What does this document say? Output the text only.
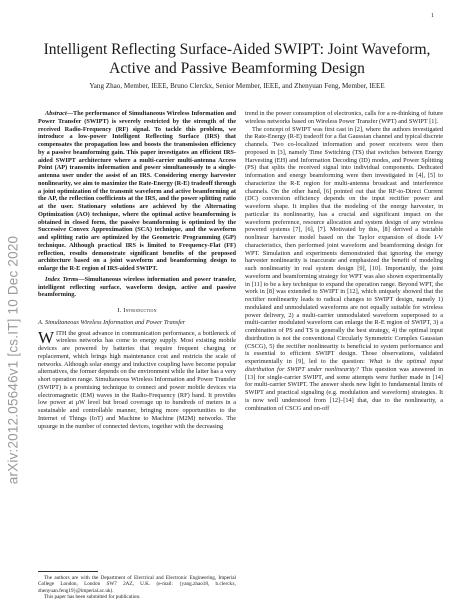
1
arXiv:2012.05646v1 [cs.IT] 10 Dec 2020
Intelligent Reflecting Surface-Aided SWIPT: Joint Waveform, Active and Passive Beamforming Design
Yang Zhao, Member, IEEE, Bruno Clerckx, Senior Member, IEEE, and Zhenyuan Feng, Member, IEEE

Abstract—The performance of Simultaneous Wireless Information and Power Transfer (SWIPT) is severely restricted by the strength of the received Radio-Frequency (RF) signal. To tackle this problem, we introduce a low-power Intelligent Reflecting Surface (IRS) that compensates the propagation loss and boosts the transmission efficiency by a passive beamforming gain. This paper investigates an efficient IRS-aided SWIPT architecture where a multi-carrier multi-antenna Access Point (AP) transmits information and power simultaneously to a single-antenna user under the assist of an IRS. Considering energy harvester nonlinearity, we aim to maximize the Rate-Energy (R-E) tradeoff through a joint optimization of the transmit waveform and active beamforming at the AP, the reflection coefficients at the IRS, and the power splitting ratio at the user. Stationary solutions are achieved by the Alternating Optimization (AO) technique, where the optimal active beamforming is obtained in closed form, the passive beamforming is optimized by the Successive Convex Approximation (SCA) technique, and the waveform and splitting ratio are optimized by the Geometric Programming (GP) technique. Although practical IRS is limited to Frequency-Flat (FF) reflection, results demonstrate significant benefits of the proposed architecture based on a joint waveform and beamforming design to enlarge the R-E region of IRS-aided SWIPT.

Index Terms—Simultaneous wireless information and power transfer, intelligent reflecting surface, waveform design, active and passive beamforming.

I. Introduction
A. Simultaneous Wireless Information and Power Transfer

WITH the great advance in communication performance, a bottleneck of wireless networks has come to energy supply. Most existing mobile devices are powered by batteries that require frequent charging or replacement, which brings high maintenance cost and restricts the scale of networks. Although solar energy and inductive coupling have become popular alternatives, the former depends on the environment while the latter has a very short operation range. Simultaneous Wireless Information and Power Transfer (SWIPT) is a promising technique to connect and power mobile devices via electromagnetic (EM) waves in the Radio-Frequency (RF) band. It provides low power at μW level but broad coverage up to hundreds of meters in a sustainable and controllable manner, bringing more opportunities to the Internet of Things (IoT) and Machine to Machine (M2M) networks. The upsurge in the number of connected devices, together with the decreasing

The authors are with the Department of Electrical and Electronic Engineering, Imperial College London, London SW7 2AZ, U.K. (e-mail: {yang.zhao18, b.clerckx, zhenyuan.feng19}@imperial.ac.uk).

This paper has been submitted for publication.

trend in the power consumption of electronics, calls for a re-thinking of future wireless networks based on Wireless Power Transfer (WPT) and SWIPT [1].

The concept of SWIPT was first cast in [2], where the authors investigated the Rate-Energy (R-E) tradeoff for a flat Gaussian channel and typical discrete channels. Two co-localized information and power receivers were then proposed in [3], namely Time Switching (TS) that switches between Energy Harvesting (EH) and Information Decoding (ID) modes, and Power Splitting (PS) that splits the received signal into individual components. Dedicated information and energy beamforming were then investigated in [4], [5] to characterize the R-E region for multi-antenna broadcast and interference channels. On the other hand, [6] pointed out that the RF-to-Direct Current (DC) conversion efficiency depends on the input rectifier power and waveform shape. It implies that the modeling of the energy harvester, in particular its nonlinearity, has a crucial and significant impact on the waveform preference, resource allocation and system design of any wireless powered systems [7], [6], [7]. Motivated by this, [8] derived a tractable nonlinear harvester model based on the Taylor expansion of diode I-V characteristics, then performed joint waveform and beamforming design for WPT. Simulation and experiments demonstrated that ignoring the energy harvester nonlinearity is inaccurate and emphasized the benefit of modeling such nonlinearity in real system design [9], [10]. Importantly, the joint waveform and beamforming strategy for WPT was also shown experimentally in [11] to be a key technique to expand the operation range. Beyond WPT, the work in [8] was extended to SWIPT in [12], which uniquely showed that the rectifier nonlinearity leads to radical changes to SWIPT design, namely 1) modulated and unmodulated waveforms are not equally suitable for wireless power delivery, 2) a multi-carrier unmodulated waveform superposed to a multi-carrier modulated waveform can enlarge the R-E region of SWIPT, 3) a combination of PS and TS is generally the best strategy, 4) the optimal input distribution is not the conventional Circularly Symmetric Complex Gaussian (CSCG), 5) the rectifier nonlinearity is beneficial to system performance and is essential to efficient SWIPT design. Those observations, validated experimentally in [9], led to the question: What is the optimal input distribution for SWIPT under nonlinearity? This question was answered in [13] for single-carrier SWIPT, and some attempts were further made in [14] for multi-carrier SWIPT. The answer sheds new light to fundamental limits of SWIPT and practical signaling (e.g. modulation and waveform) strategies. It is now well understood from [12]–[14] that, due to the nonlinearity, a combination of CSCG and on-off
